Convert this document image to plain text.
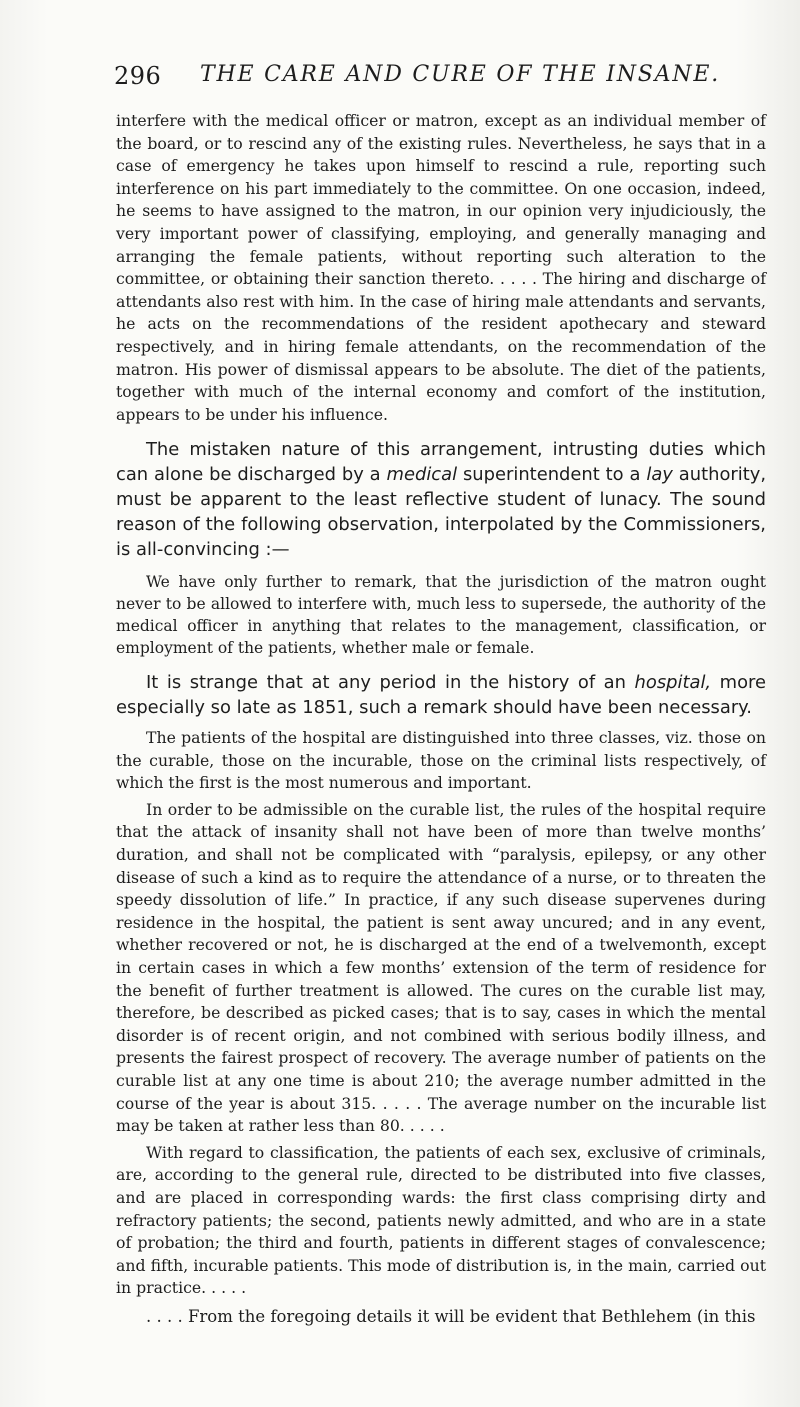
296 THE CARE AND CURE OF THE INSANE.

interfere with the medical officer or matron, except as an individual member of the board, or to rescind any of the existing rules. Nevertheless, he says that in a case of emergency he takes upon himself to rescind a rule, reporting such interference on his part immediately to the committee. On one occasion, indeed, he seems to have assigned to the matron, in our opinion very injudiciously, the very important power of classifying, employing, and generally managing and arranging the female patients, without reporting such alteration to the committee, or obtaining their sanction thereto. . . . . The hiring and discharge of attendants also rest with him. In the case of hiring male attendants and servants, he acts on the recommendations of the resident apothecary and steward respectively, and in hiring female attendants, on the recommendation of the matron. His power of dismissal appears to be absolute. The diet of the patients, together with much of the internal economy and comfort of the institution, appears to be under his influence.

The mistaken nature of this arrangement, intrusting duties which can alone be discharged by a medical superintendent to a lay authority, must be apparent to the least reflective student of lunacy. The sound reason of the following observation, interpolated by the Commissioners, is all-convincing :—

We have only further to remark, that the jurisdiction of the matron ought never to be allowed to interfere with, much less to supersede, the authority of the medical officer in anything that relates to the management, classification, or employment of the patients, whether male or female.

It is strange that at any period in the history of an hospital, more especially so late as 1851, such a remark should have been necessary.

The patients of the hospital are distinguished into three classes, viz. those on the curable, those on the incurable, those on the criminal lists respectively, of which the first is the most numerous and important.

In order to be admissible on the curable list, the rules of the hospital require that the attack of insanity shall not have been of more than twelve months’ duration, and shall not be complicated with “paralysis, epilepsy, or any other disease of such a kind as to require the attendance of a nurse, or to threaten the speedy dissolution of life.” In practice, if any such disease supervenes during residence in the hospital, the patient is sent away uncured; and in any event, whether recovered or not, he is discharged at the end of a twelvemonth, except in certain cases in which a few months’ extension of the term of residence for the benefit of further treatment is allowed. The cures on the curable list may, therefore, be described as picked cases; that is to say, cases in which the mental disorder is of recent origin, and not combined with serious bodily illness, and presents the fairest prospect of recovery. The average number of patients on the curable list at any one time is about 210; the average number admitted in the course of the year is about 315. . . . . The average number on the incurable list may be taken at rather less than 80. . . . .

With regard to classification, the patients of each sex, exclusive of criminals, are, according to the general rule, directed to be distributed into five classes, and are placed in corresponding wards: the first class comprising dirty and refractory patients; the second, patients newly admitted, and who are in a state of probation; the third and fourth, patients in different stages of convalescence; and fifth, incurable patients. This mode of distribution is, in the main, carried out in practice. . . . .

. . . . From the foregoing details it will be evident that Bethlehem (in this
